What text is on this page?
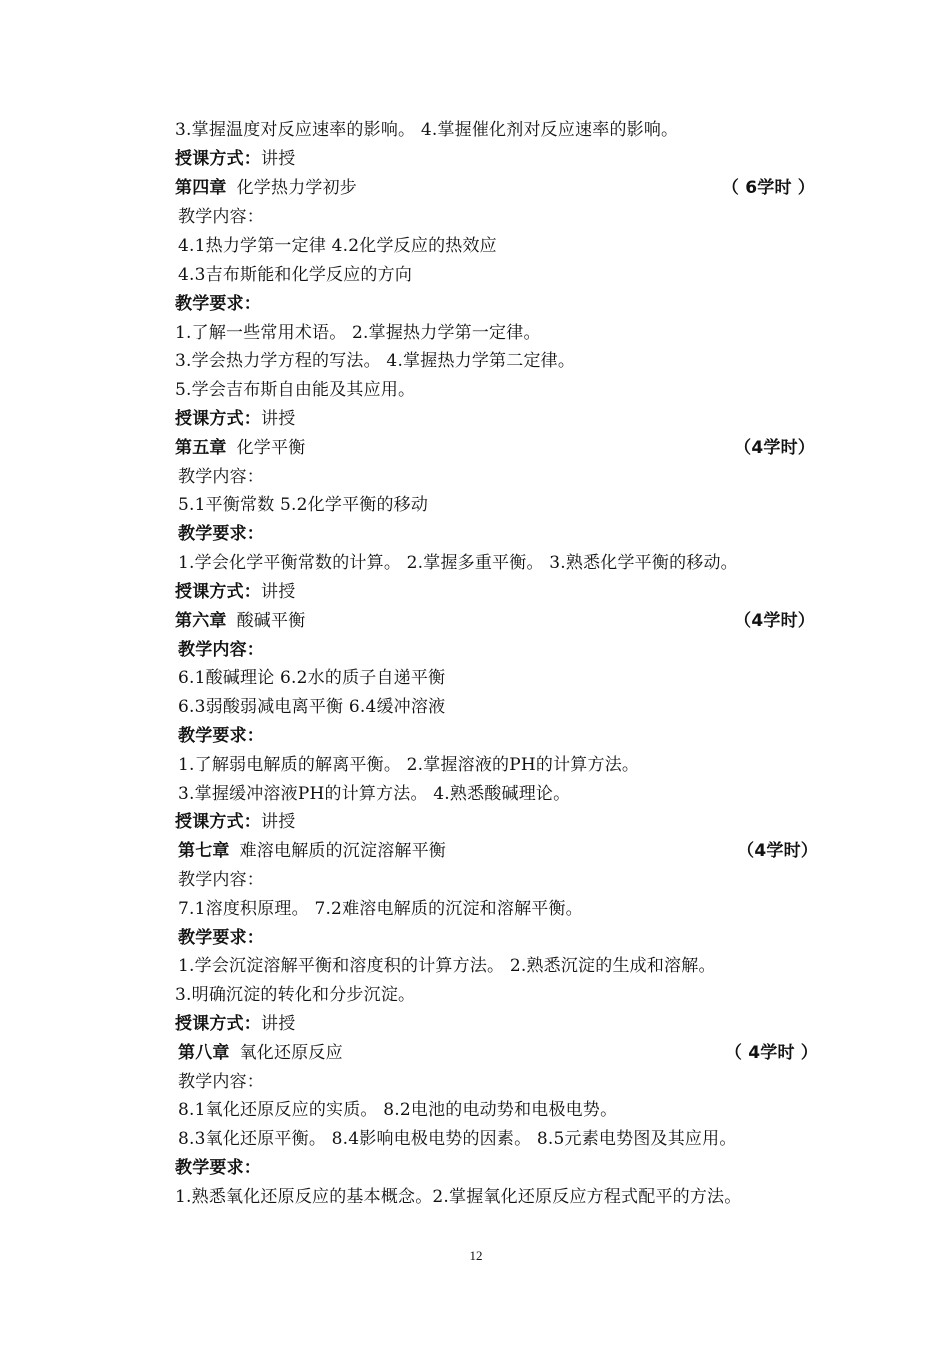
3.掌握温度对反应速率的影响。 4.掌握催化剂对反应速率的影响。
授课方式：讲授
第四章 化学热力学初步	（ 6学时 ）
教学内容：
4.1热力学第一定律 4.2化学反应的热效应
4.3吉布斯能和化学反应的方向
教学要求：
1.了解一些常用术语。 2.掌握热力学第一定律。
3.学会热力学方程的写法。 4.掌握热力学第二定律。
5.学会吉布斯自由能及其应用。
授课方式：讲授
第五章 化学平衡	（4学时）
教学内容：
5.1平衡常数 5.2化学平衡的移动
教学要求：
1.学会化学平衡常数的计算。 2.掌握多重平衡。 3.熟悉化学平衡的移动。
授课方式：讲授
第六章 酸碱平衡	（4学时）
教学内容：
6.1酸碱理论 6.2水的质子自递平衡
6.3弱酸弱减电离平衡 6.4缓冲溶液
教学要求：
1.了解弱电解质的解离平衡。 2.掌握溶液的PH的计算方法。
3.掌握缓冲溶液PH的计算方法。 4.熟悉酸碱理论。
授课方式：讲授
第七章 难溶电解质的沉淀溶解平衡	（4学时）
教学内容：
7.1溶度积原理。 7.2难溶电解质的沉淀和溶解平衡。
教学要求：
1.学会沉淀溶解平衡和溶度积的计算方法。 2.熟悉沉淀的生成和溶解。
3.明确沉淀的转化和分步沉淀。
授课方式：讲授
第八章 氧化还原反应	（ 4学时 ）
教学内容：
8.1氧化还原反应的实质。 8.2电池的电动势和电极电势。
8.3氧化还原平衡。 8.4影响电极电势的因素。 8.5元素电势图及其应用。
教学要求：
1.熟悉氧化还原反应的基本概念。2.掌握氧化还原反应方程式配平的方法。
12
